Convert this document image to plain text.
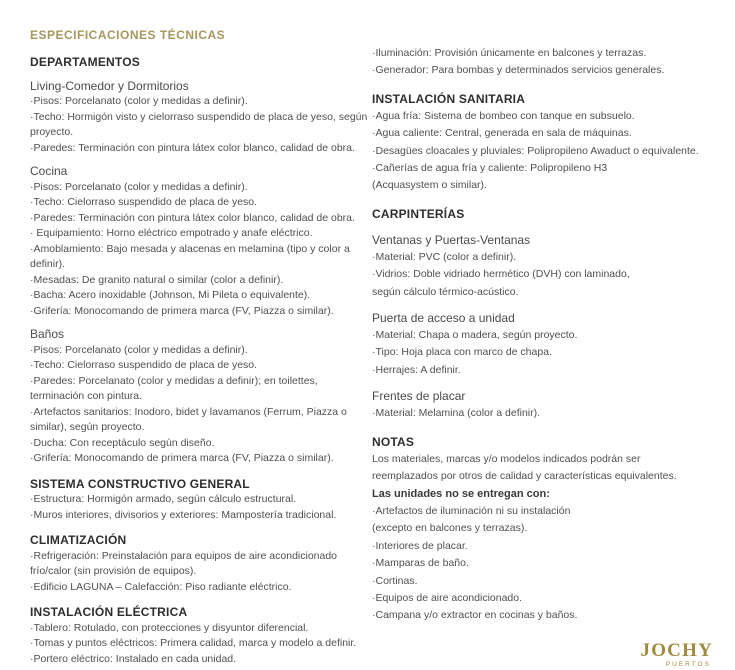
ESPECIFICACIONES TÉCNICAS
DEPARTAMENTOS
Living-Comedor y Dormitorios
·Pisos: Porcelanato (color y medidas a definir).
·Techo: Hormigón visto y cielorraso suspendido de placa de yeso, según proyecto.
·Paredes: Terminación con pintura látex color blanco, calidad de obra.
Cocina
·Pisos: Porcelanato (color y medidas a definir).
·Techo: Cielorraso suspendido de placa de yeso.
·Paredes: Terminación con pintura látex color blanco, calidad de obra.
· Equipamiento: Horno eléctrico empotrado y anafe eléctrico.
·Amoblamiento: Bajo mesada y alacenas en melamina (tipo y color a definir).
·Mesadas: De granito natural o similar (color a definir).
·Bacha: Acero inoxidable (Johnson, Mi Pileta o equivalente).
·Grifería: Monocomando de primera marca (FV, Piazza o similar).
Baños
·Pisos: Porcelanato (color y medidas a definir).
·Techo: Cielorraso suspendido de placa de yeso.
·Paredes: Porcelanato (color y medidas a definir); en toilettes, terminación con pintura.
·Artefactos sanitarios: Inodoro, bidet y lavamanos (Ferrum, Piazza o similar), según proyecto.
·Ducha: Con receptáculo según diseño.
·Grifería: Monocomando de primera marca (FV, Piazza o similar).
SISTEMA CONSTRUCTIVO GENERAL
·Estructura: Hormigón armado, según cálculo estructural.
·Muros interiores, divisorios y exteriores: Mampostería tradicional.
CLIMATIZACIÓN
·Refrigeración: Preinstalación para equipos de aire acondicionado frío/calor (sin provisión de equipos).
·Edificio LAGUNA – Calefacción: Piso radiante eléctrico.
INSTALACIÓN ELÉCTRICA
·Tablero: Rotulado, con protecciones y disyuntor diferencial.
·Tomas y puntos eléctricos: Primera calidad, marca y modelo a definir.
·Portero eléctrico: Instalado en cada unidad.
·Iluminación: Provisión únicamente en balcones y terrazas.
·Generador: Para bombas y determinados servicios generales.
INSTALACIÓN SANITARIA
·Agua fría: Sistema de bombeo con tanque en subsuelo.
·Agua caliente: Central, generada en sala de máquinas.
·Desagües cloacales y pluviales: Polipropileno Awaduct o equivalente.
·Cañerías de agua fría y caliente: Polipropileno H3
(Acquasystem o similar).
CARPINTERÍAS
Ventanas y Puertas-Ventanas
·Material: PVC (color a definir).
·Vidrios: Doble vidriado hermético (DVH) con laminado,
según cálculo térmico-acústico.
Puerta de acceso a unidad
·Material: Chapa o madera, según proyecto.
·Tipo: Hoja placa con marco de chapa.
·Herrajes: A definir.
Frentes de placar
·Material: Melamina (color a definir).
NOTAS
Los materiales, marcas y/o modelos indicados podrán ser
reemplazados por otros de calidad y características equivalentes.
Las unidades no se entregan con:
·Artefactos de iluminación ni su instalación
(excepto en balcones y terrazas).
·Interiores de placar.
·Mamparas de baño.
·Cortinas.
·Equipos de aire acondicionado.
·Campana y/o extractor en cocinas y baños.
JOCHY
PUERTOS
